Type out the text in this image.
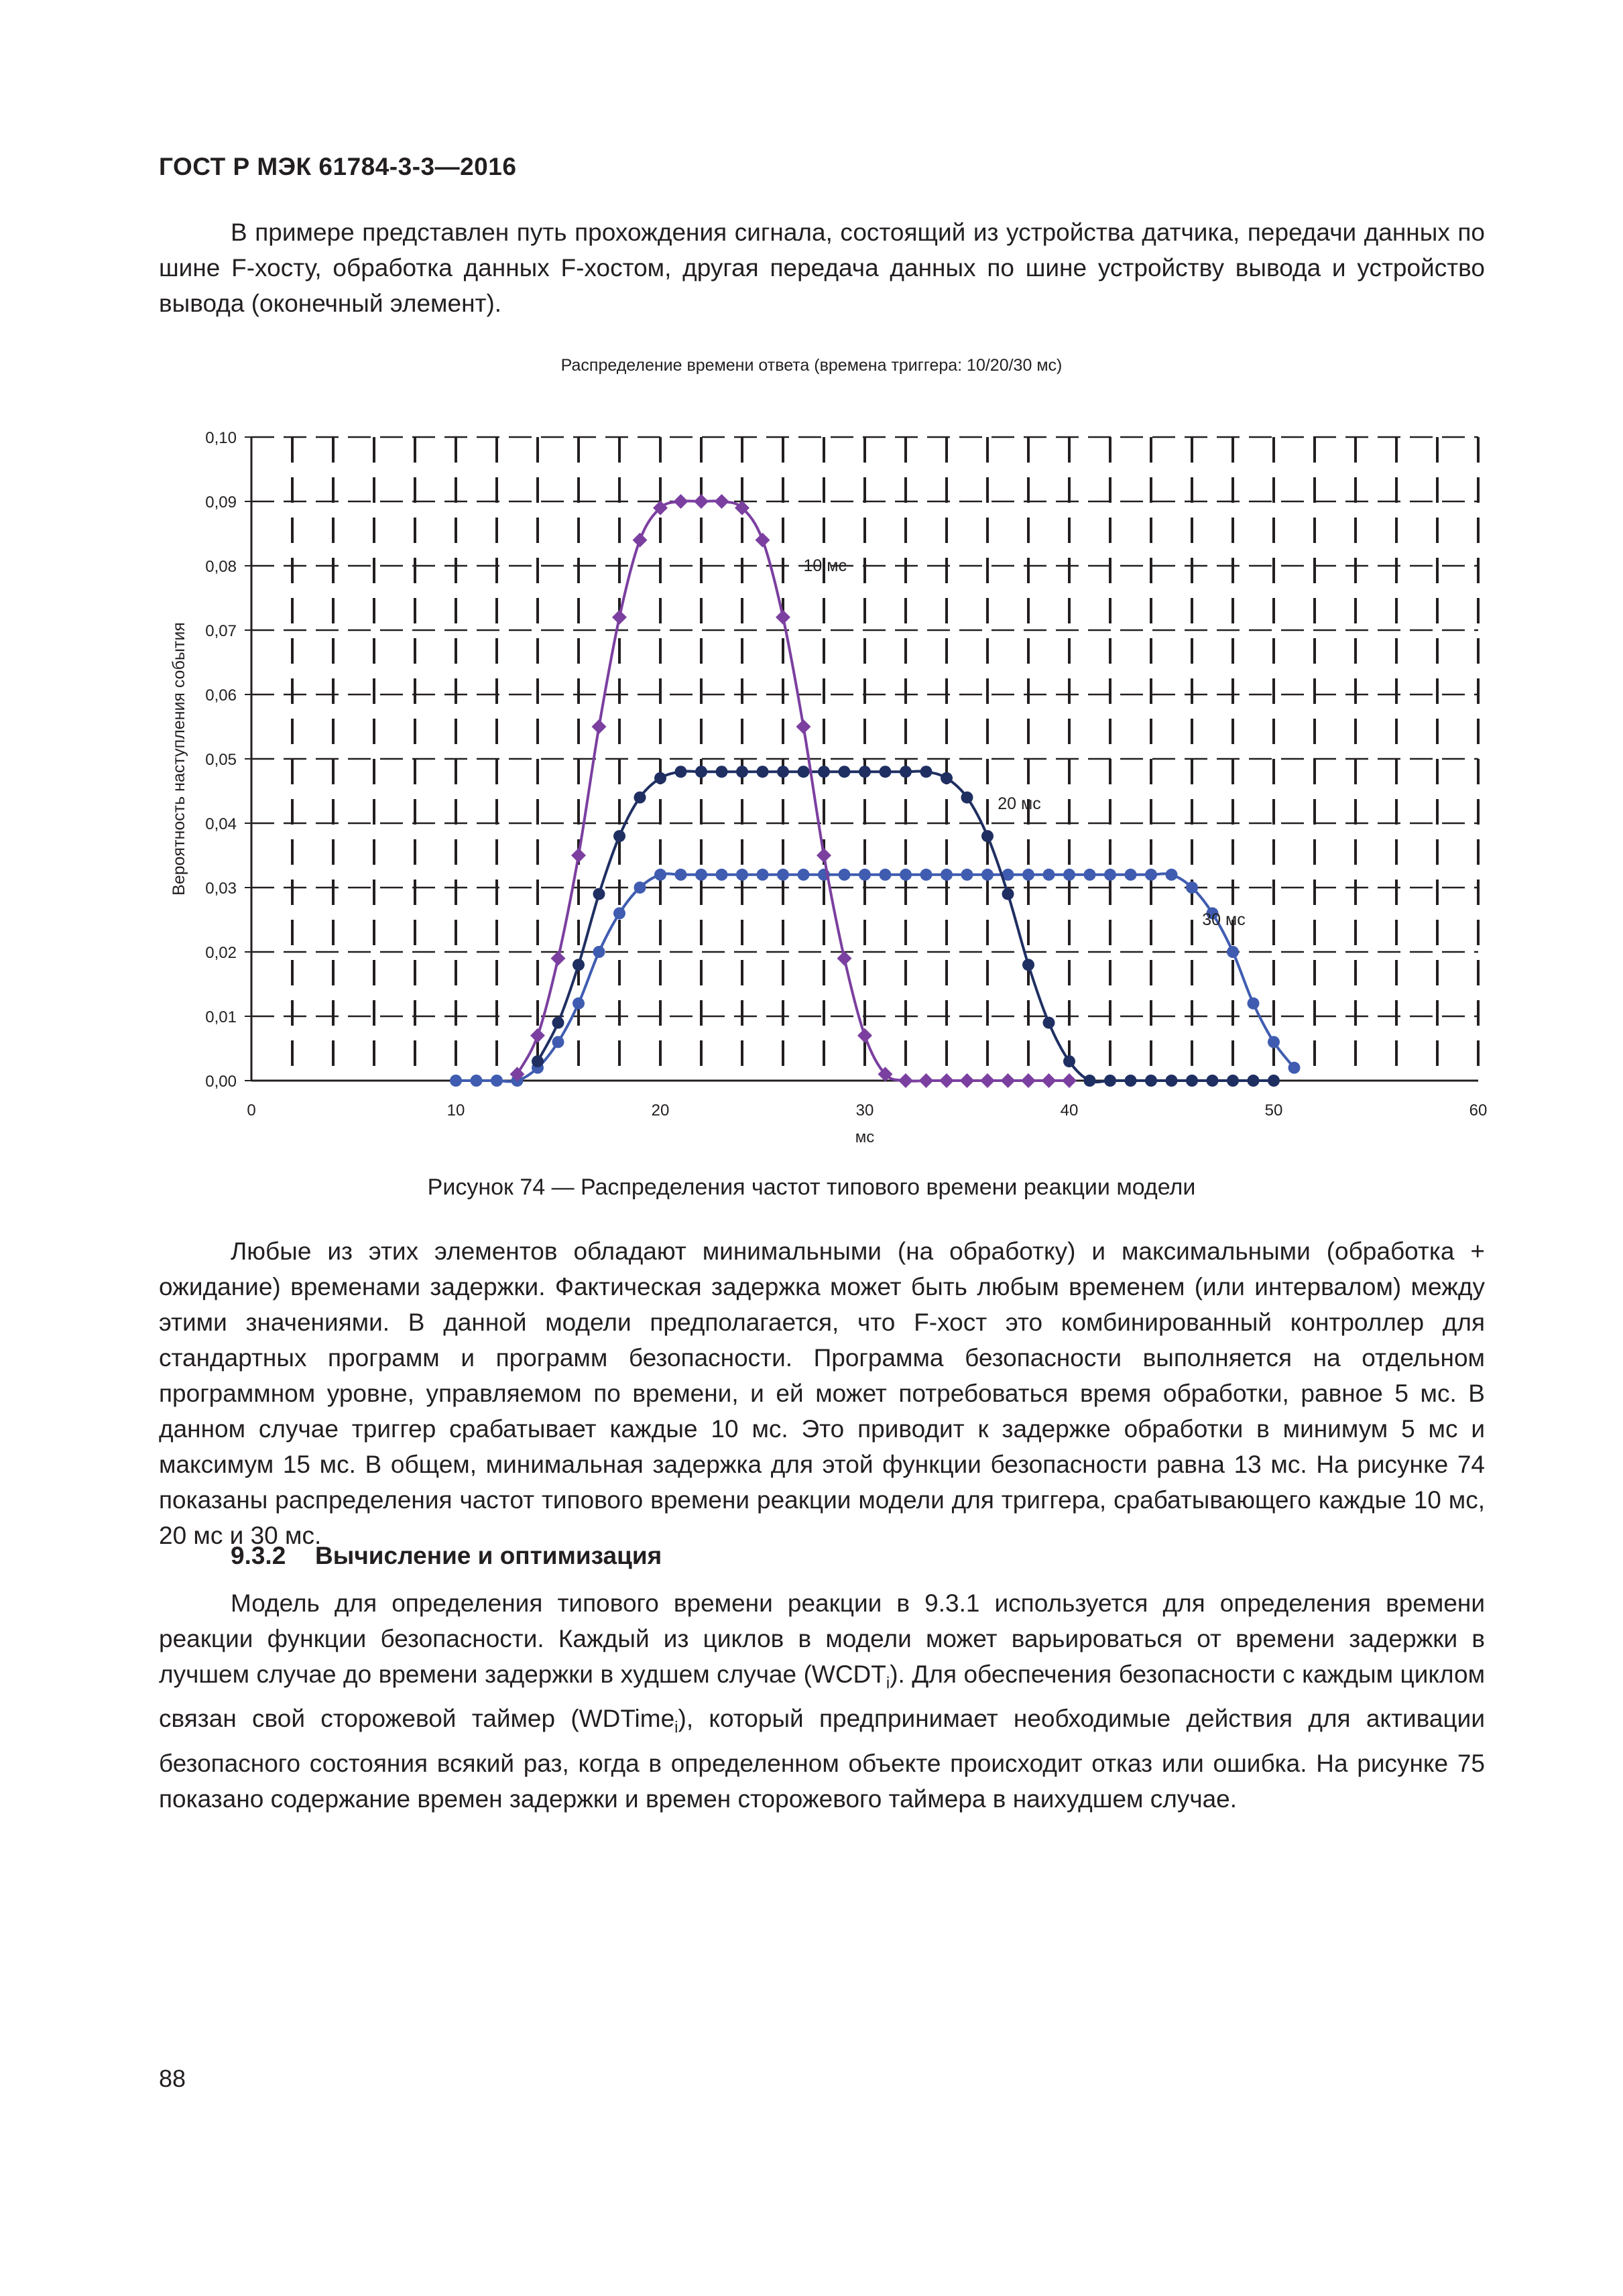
ГОСТ Р МЭК 61784-3-3—2016

В примере представлен путь прохождения сигнала, состоящий из устройства датчика, передачи данных по шине F-хосту, обработка данных F-хостом, другая передача данных по шине устройству вывода и устройство вывода (оконечный элемент).

Распределение времени ответа (времена триггера: 10/20/30 мс)
0,00
0,01
0,02
0,03
0,04
0,05
0,06
0,07
0,08
0,09
0,10
0	10	20	30	40	50	60
Вероятность наступления события
мс
10 мс
20 мс
30 мс
Рисунок 74 — Распределения частот типового времени реакции модели

Любые из этих элементов обладают минимальными (на обработку) и максимальными (обработка + ожидание) временами задержки. Фактическая задержка может быть любым временем (или интервалом) между этими значениями. В данной модели предполагается, что F-хост это комбинированный контроллер для стандартных программ и программ безопасности. Программа безопасности выполняется на отдельном программном уровне, управляемом по времени, и ей может потребоваться время обработки, равное 5 мс. В данном случае триггер срабатывает каждые 10 мс. Это приводит к задержке обработки в минимум 5 мс и максимум 15 мс. В общем, минимальная задержка для этой функции безопасности равна 13 мс. На рисунке 74 показаны распределения частот типового времени реакции модели для триггера, срабатывающего каждые 10 мс, 20 мс и 30 мс.

9.3.2 Вычисление и оптимизация

Модель для определения типового времени реакции в 9.3.1 используется для определения времени реакции функции безопасности. Каждый из циклов в модели может варьироваться от времени задержки в лучшем случае до времени задержки в худшем случае $(WCDT_i)$. Для обеспечения безопасности с каждым циклом связан свой сторожевой таймер (WDTime$_i$), который предпринимает необходимые действия для активации безопасного состояния всякий раз, когда в определенном объекте происходит отказ или ошибка. На рисунке 75 показано содержание времен задержки и времен сторожевого таймера в наихудшем случае.

88
